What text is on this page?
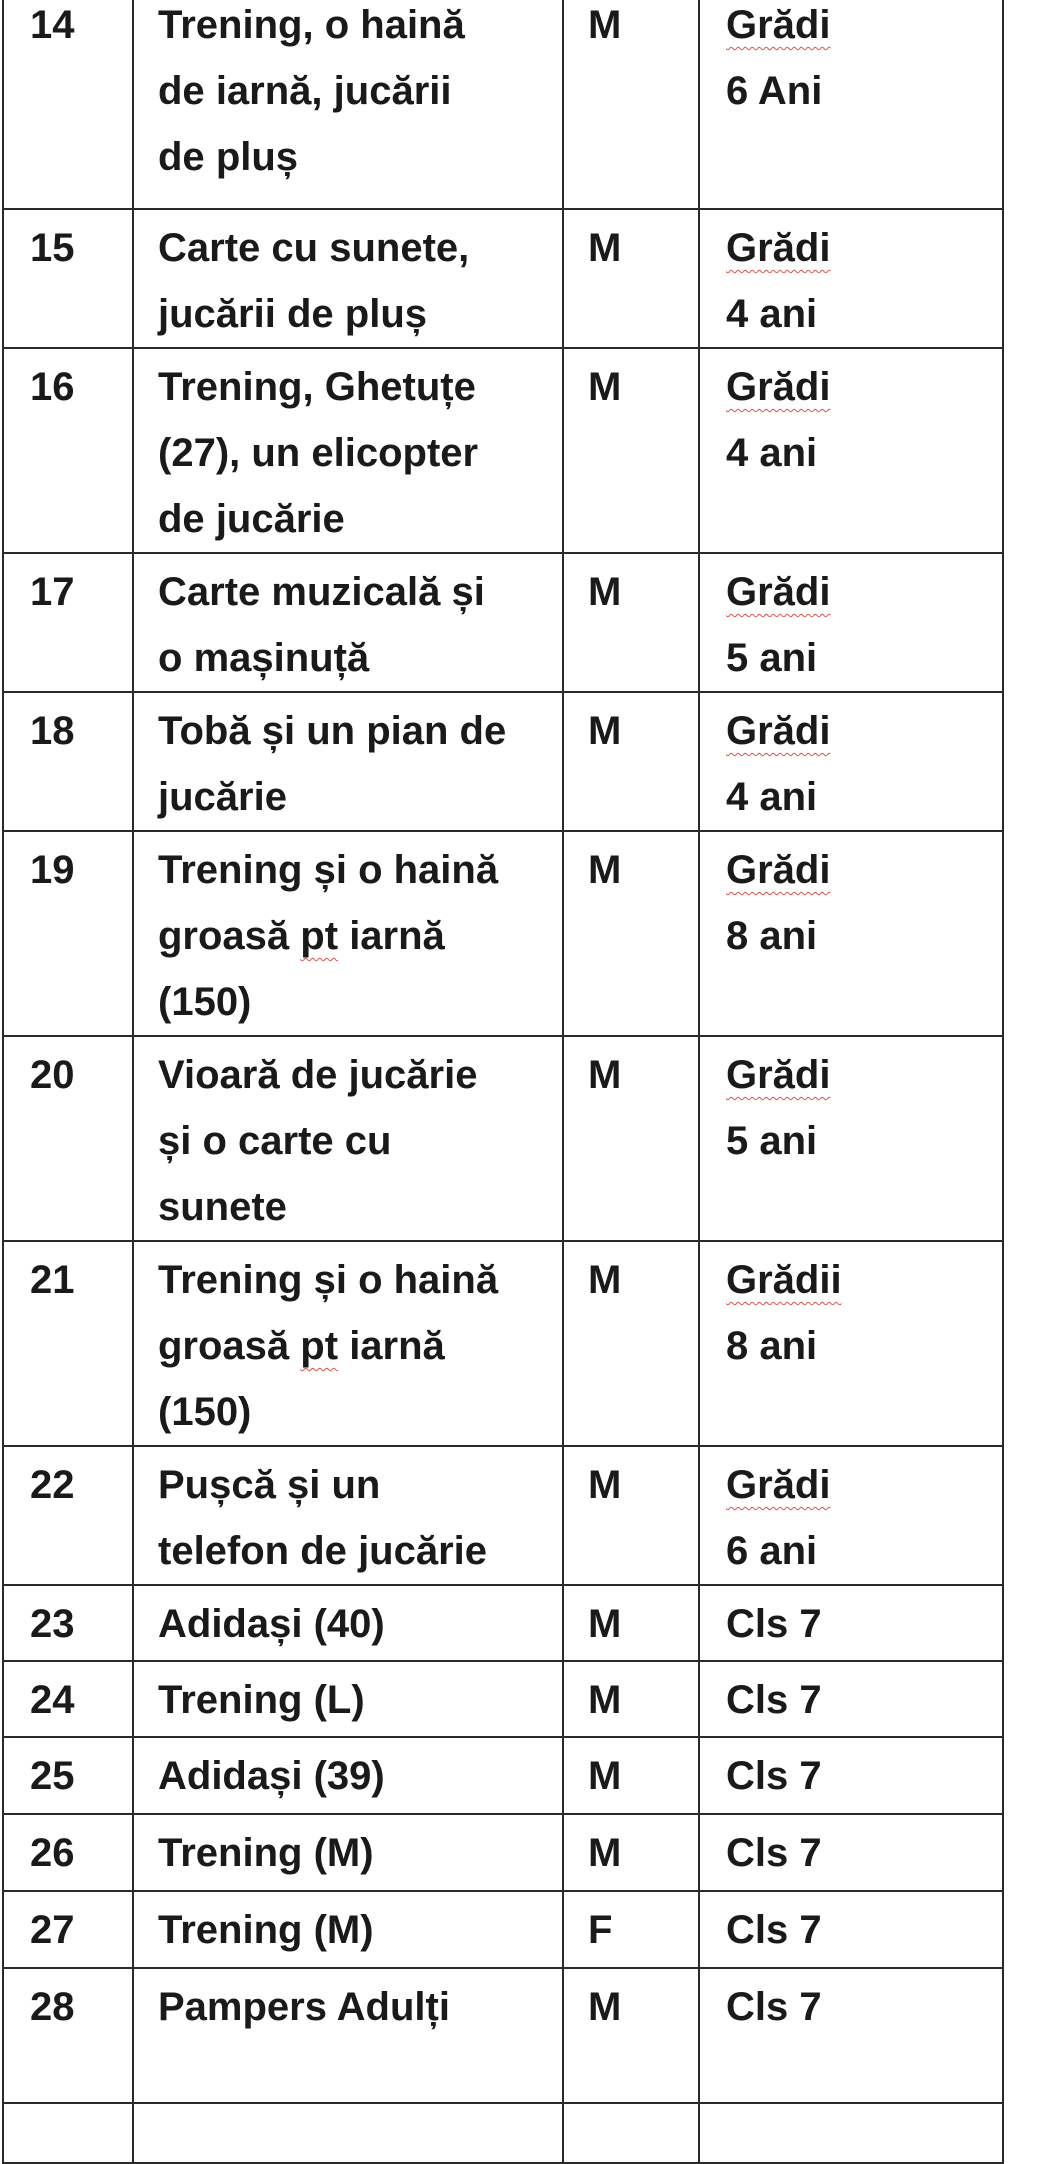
14	Trening, o haină
de iarnă, jucării
de pluș	M	Grădi
6 Ani

15	Carte cu sunete,
jucării de pluș	M	Grădi
4 ani

16	Trening, Ghetuțe
(27), un elicopter
de jucărie	M	Grădi
4 ani

17	Carte muzicală și
o mașinuță	M	Grădi
5 ani

18	Tobă și un pian de
jucărie	M	Grădi
4 ani

19	Trening și o haină
groasă pt iarnă
(150)	M	Grădi
8 ani

20	Vioară de jucărie
și o carte cu
sunete	M	Grădi
5 ani

21	Trening și o haină
groasă pt iarnă
(150)	M	Grădii
8 ani

22	Pușcă și un
telefon de jucărie	M	Grădi
6 ani

23	Adidași (40)	M	Cls 7

24	Trening (L)	M	Cls 7

25	Adidași (39)	M	Cls 7

26	Trening (M)	M	Cls 7

27	Trening (M)	F	Cls 7

28	Pampers Adulți	M	Cls 7
